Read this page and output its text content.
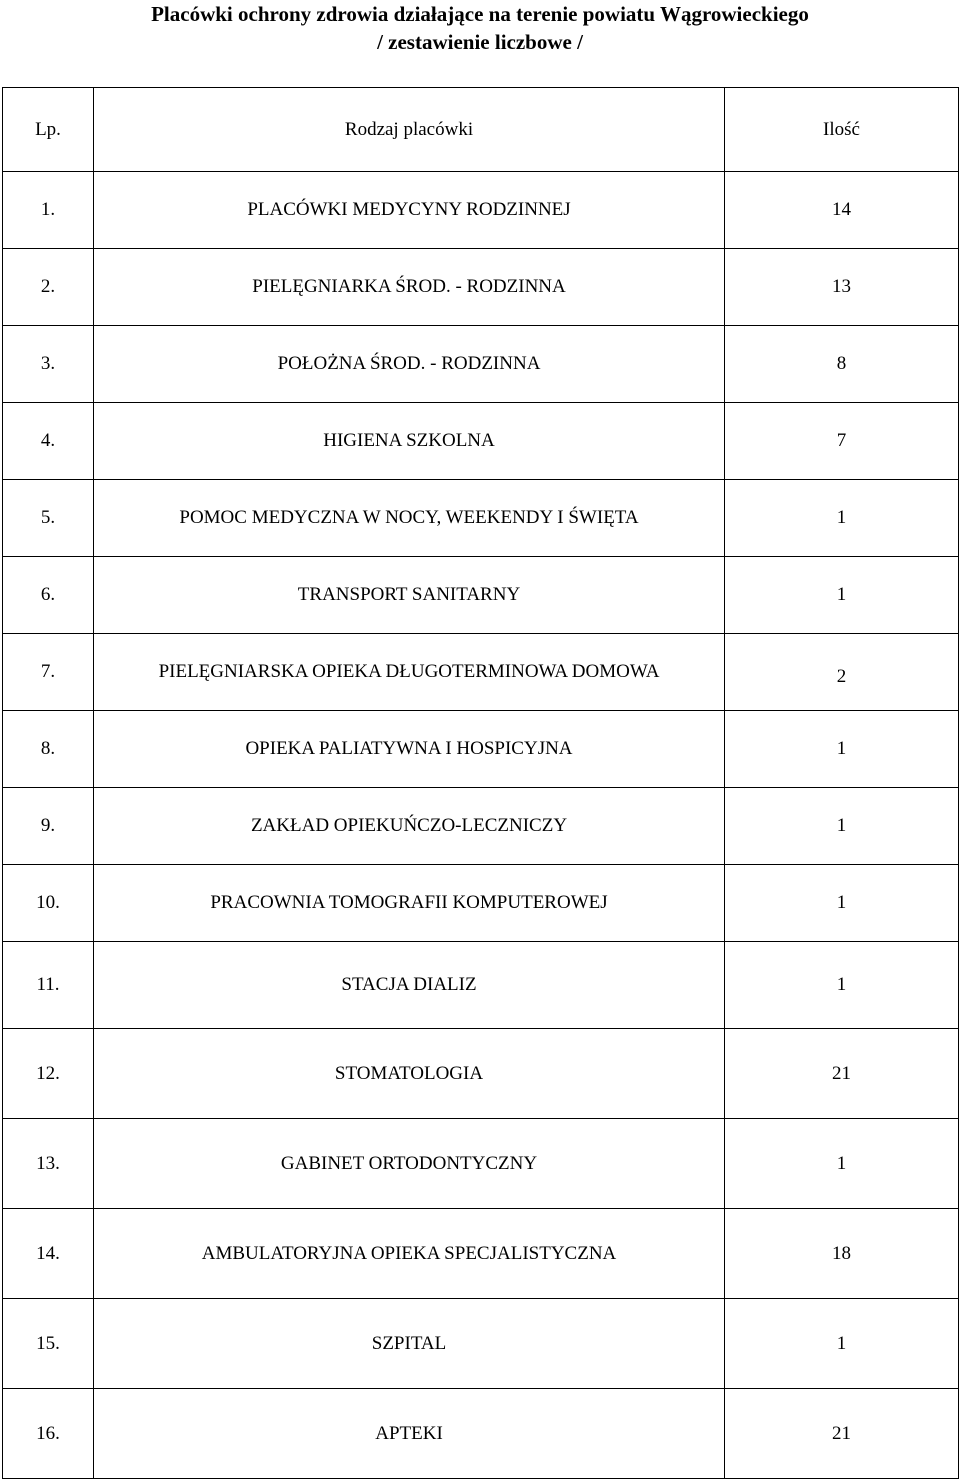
Placówki ochrony zdrowia działające na terenie powiatu Wągrowieckiego
/ zestawienie liczbowe /
Lp.	Rodzaj placówki	Ilość
1.	PLACÓWKI MEDYCYNY RODZINNEJ	14
2.	PIELĘGNIARKA ŚROD. - RODZINNA	13
3.	POŁOŻNA ŚROD. - RODZINNA	8
4.	HIGIENA SZKOLNA	7
5.	POMOC MEDYCZNA W NOCY, WEEKENDY I ŚWIĘTA	1
6.	TRANSPORT SANITARNY	1
7.	PIELĘGNIARSKA OPIEKA DŁUGOTERMINOWA DOMOWA	2
8.	OPIEKA PALIATYWNA I HOSPICYJNA	1
9.	ZAKŁAD OPIEKUŃCZO-LECZNICZY	1
10.	PRACOWNIA TOMOGRAFII KOMPUTEROWEJ	1
11.	STACJA DIALIZ	1
12.	STOMATOLOGIA	21
13.	GABINET ORTODONTYCZNY	1
14.	AMBULATORYJNA OPIEKA SPECJALISTYCZNA	18
15.	SZPITAL	1
16.	APTEKI	21
